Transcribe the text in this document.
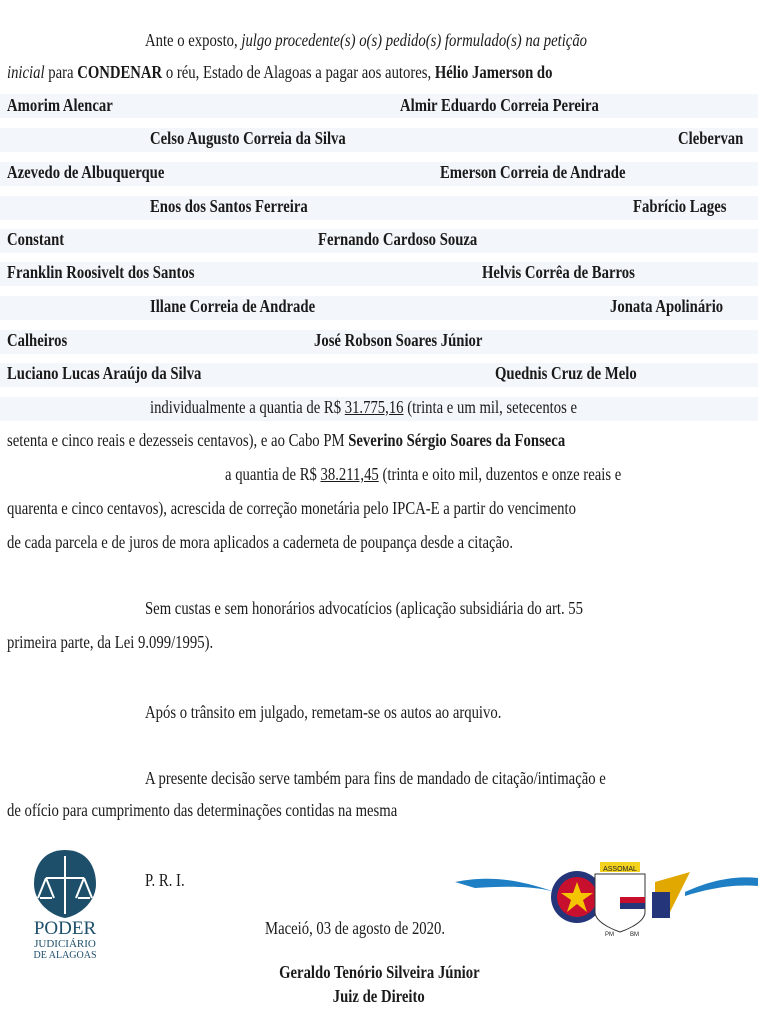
Ante o exposto, julgo procedente(s) o(s) pedido(s) formulado(s) na petição
inicial para CONDENAR o réu, Estado de Alagoas a pagar aos autores, Hélio Jamerson do
Amorim Alencar	Almir Eduardo Correia Pereira
Celso Augusto Correia da Silva	Clebervan
Azevedo de Albuquerque	Emerson Correia de Andrade
Enos dos Santos Ferreira	Fabrício Lages
Constant	Fernando Cardoso Souza
Franklin Roosivelt dos Santos	Helvis Corrêa de Barros
Illane Correia de Andrade	Jonata Apolinário
Calheiros	José Robson Soares Júnior
Luciano Lucas Araújo da Silva	Quednis Cruz de Melo
individualmente a quantia de R$ 31.775,16 (trinta e um mil, setecentos e
setenta e cinco reais e dezesseis centavos), e ao Cabo PM Severino Sérgio Soares da Fonseca
a quantia de R$ 38.211,45 (trinta e oito mil, duzentos e onze reais e
quarenta e cinco centavos), acrescida de correção monetária pelo IPCA-E a partir do vencimento
de cada parcela e de juros de mora aplicados a caderneta de poupança desde a citação.
Sem custas e sem honorários advocatícios (aplicação subsidiária do art. 55
primeira parte, da Lei 9.099/1995).
Após o trânsito em julgado, remetam-se os autos ao arquivo.
A presente decisão serve também para fins de mandado de citação/intimação e
de ofício para cumprimento das determinações contidas na mesma
P. R. I.
Maceió, 03 de agosto de 2020.
Geraldo Tenório Silveira Júnior
Juiz de Direito
PODER
JUDICIÁRIO
DE ALAGOAS
ASSOMAL
PM	BM
